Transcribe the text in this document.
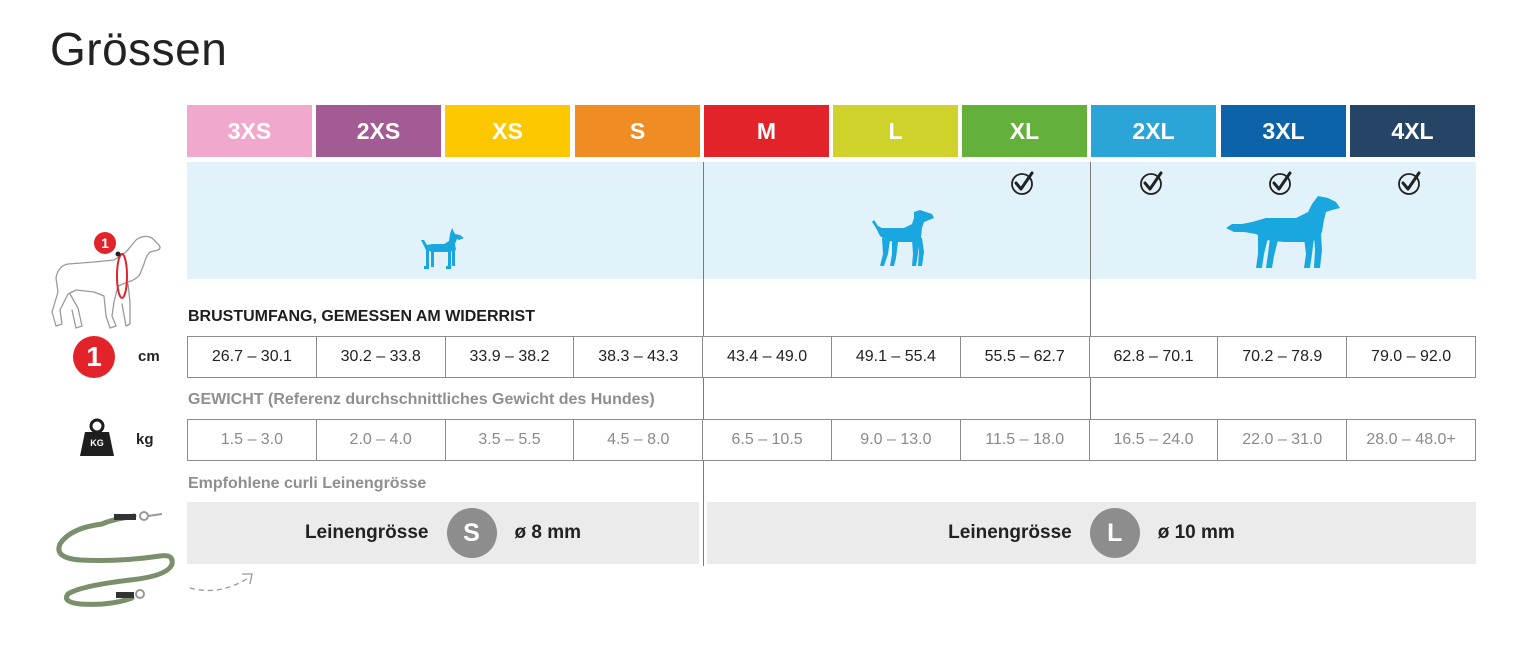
Grössen
3XS	2XS	XS	S	M	L	XL	2XL	3XL	4XL
1
BRUSTUMFANG, GEMESSEN AM WIDERRIST
1	cm	26.7 – 30.1	30.2 – 33.8	33.9 – 38.2	38.3 – 43.3	43.4 – 49.0	49.1 – 55.4	55.5 – 62.7	62.8 – 70.1	70.2 – 78.9	79.0 – 92.0
GEWICHT (Referenz durchschnittliches Gewicht des Hundes)
KG	kg	1.5 – 3.0	2.0 – 4.0	3.5 – 5.5	4.5 – 8.0	6.5 – 10.5	9.0 – 13.0	11.5 – 18.0	16.5 – 24.0	22.0 – 31.0	28.0 – 48.0+
Empfohlene curli Leinengrösse
Leinengrösse	S	ø 8 mm	Leinengrösse	L	ø 10 mm
